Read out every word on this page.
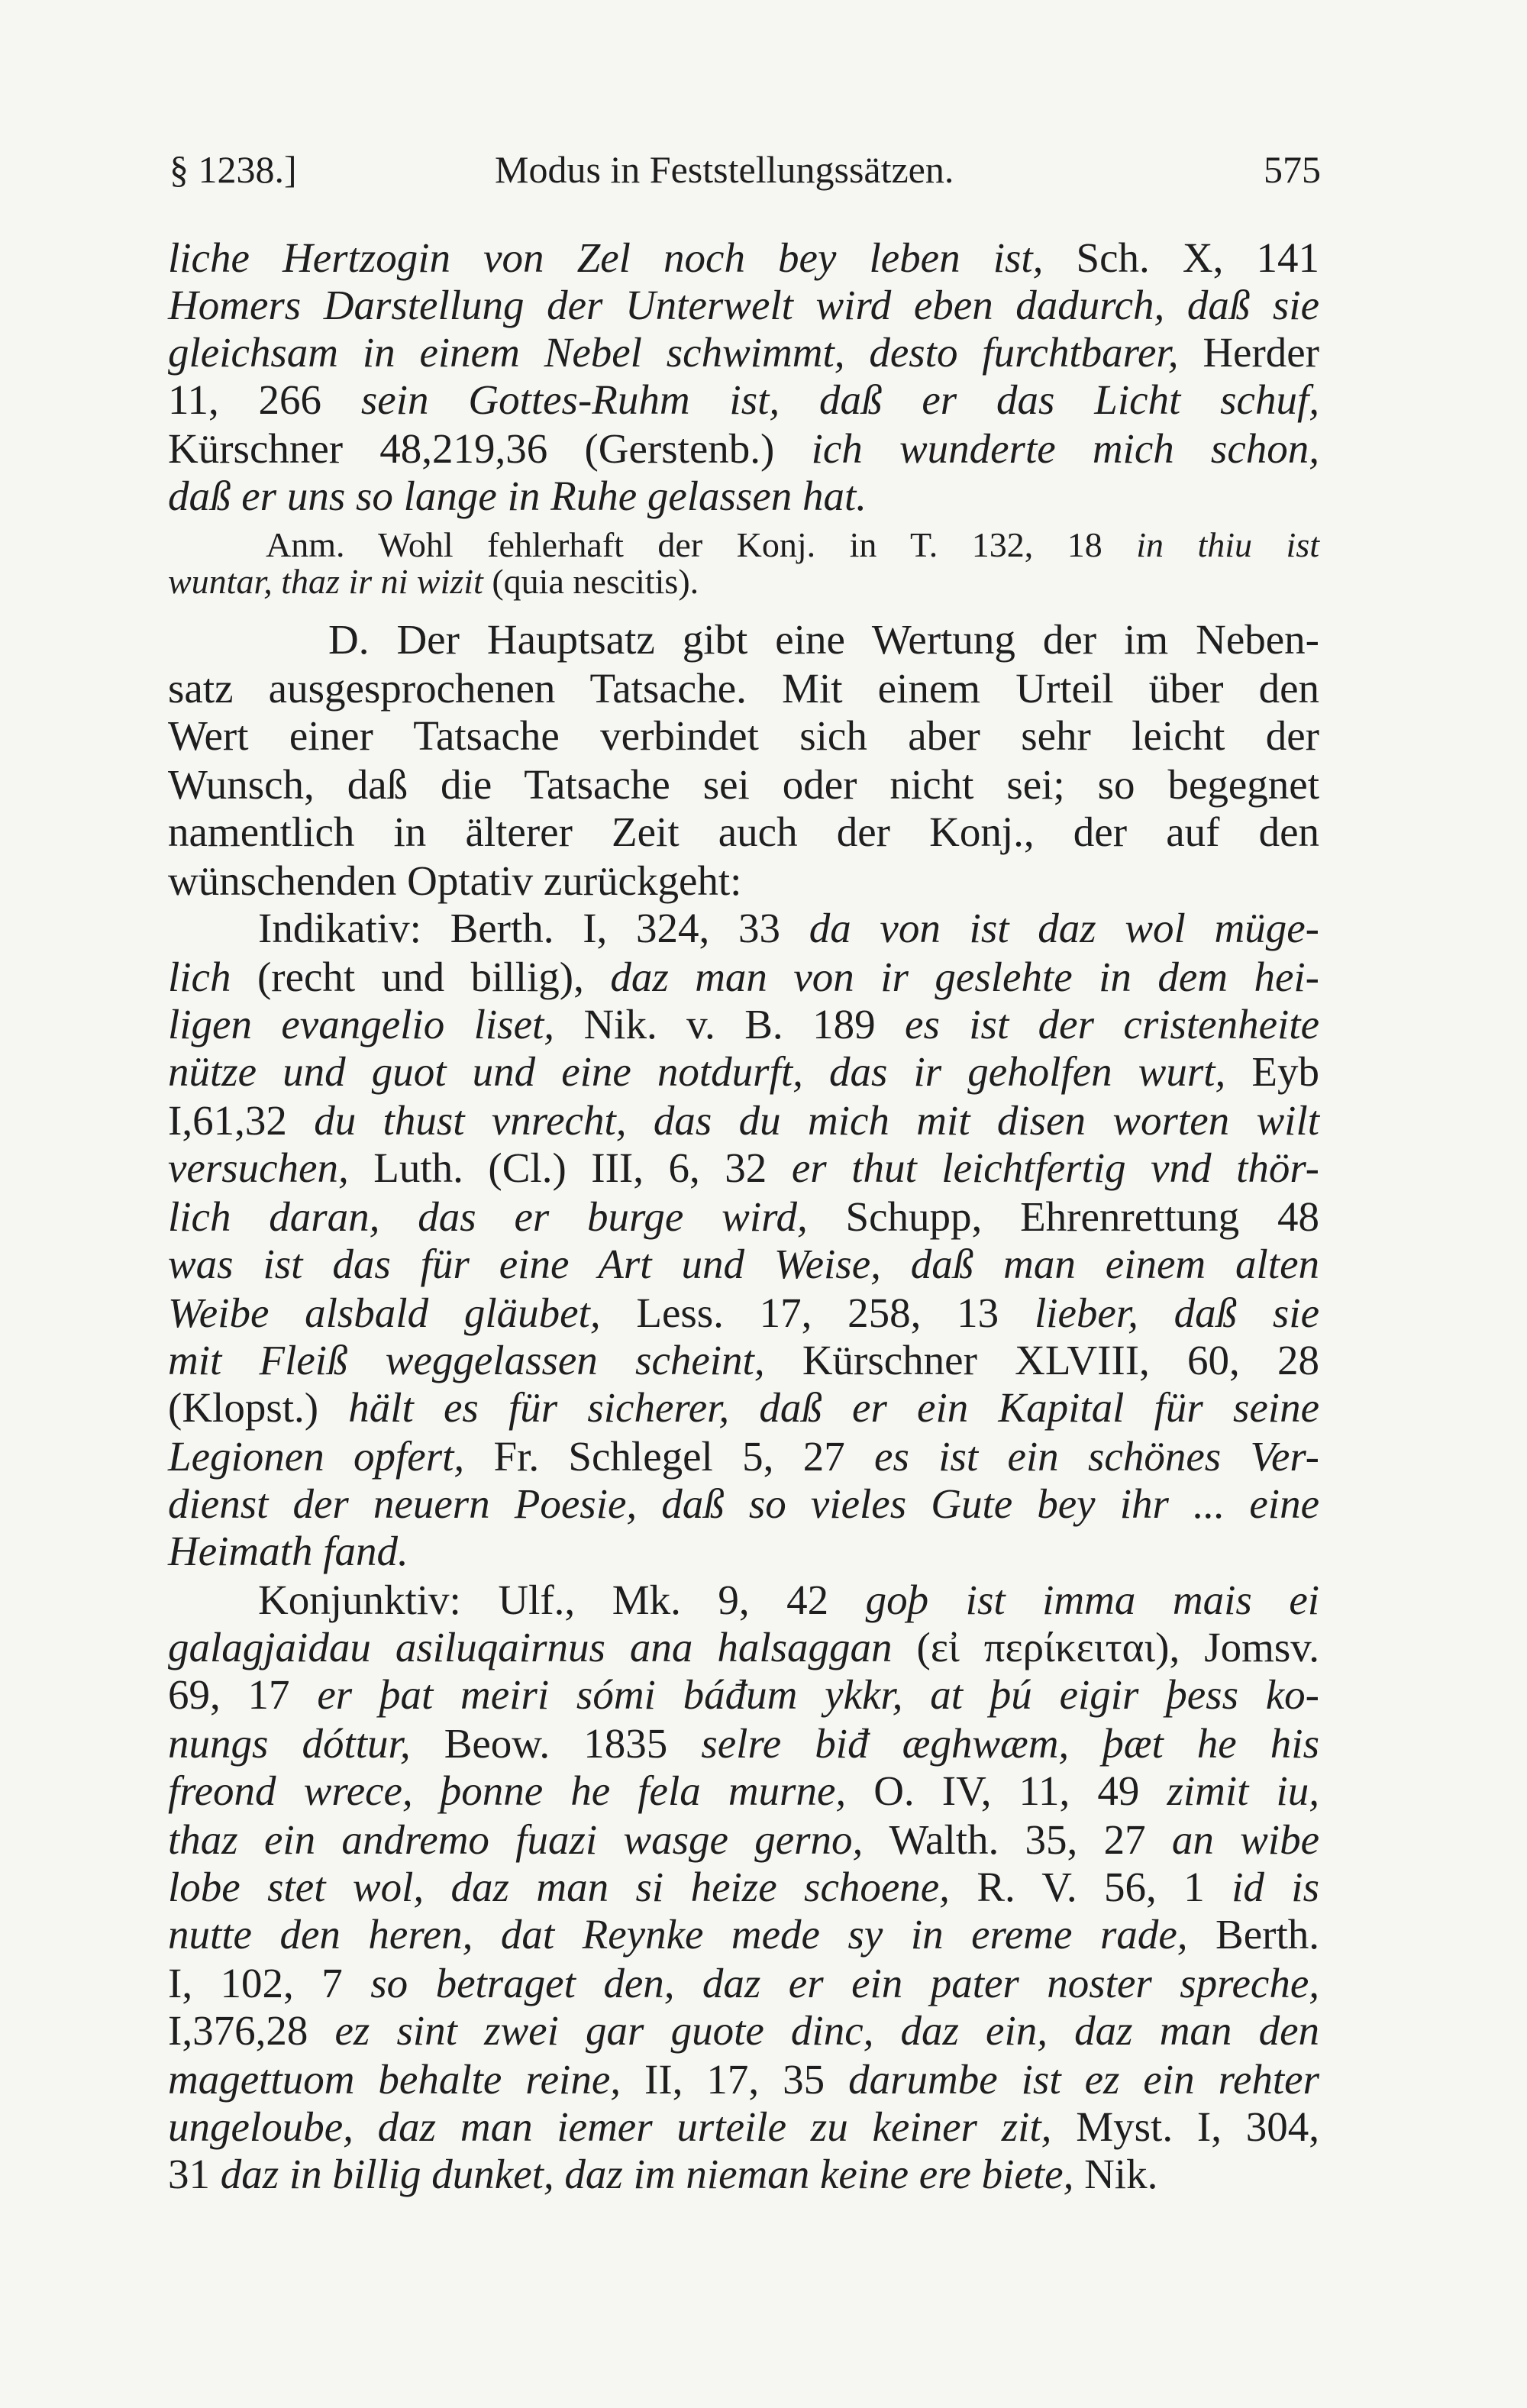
§ 1238.]	Modus in Feststellungssätzen.	575
liche Hertzogin von Zel noch bey leben ist, Sch. X, 141
Homers Darstellung der Unterwelt wird eben dadurch, daß sie
gleichsam in einem Nebel schwimmt, desto furchtbarer, Herder
11, 266 sein Gottes-Ruhm ist, daß er das Licht schuf,
Kürschner 48,219,36 (Gerstenb.) ich wunderte mich schon,
daß er uns so lange in Ruhe gelassen hat.
Anm. Wohl fehlerhaft der Konj. in T. 132, 18 in thiu ist
wuntar, thaz ir ni wizit (quia nescitis).
D. Der Hauptsatz gibt eine Wertung der im Neben-
satz ausgesprochenen Tatsache. Mit einem Urteil über den
Wert einer Tatsache verbindet sich aber sehr leicht der
Wunsch, daß die Tatsache sei oder nicht sei; so begegnet
namentlich in älterer Zeit auch der Konj., der auf den
wünschenden Optativ zurückgeht:
Indikativ: Berth. I, 324, 33 da von ist daz wol müge-
lich (recht und billig), daz man von ir geslehte in dem hei-
ligen evangelio liset, Nik. v. B. 189 es ist der cristenheite
nütze und guot und eine notdurft, das ir geholfen wurt, Eyb
I,61,32 du thust vnrecht, das du mich mit disen worten wilt
versuchen, Luth. (Cl.) III, 6, 32 er thut leichtfertig vnd thör-
lich daran, das er burge wird, Schupp, Ehrenrettung 48
was ist das für eine Art und Weise, daß man einem alten
Weibe alsbald gläubet, Less. 17, 258, 13 lieber, daß sie
mit Fleiß weggelassen scheint, Kürschner XLVIII, 60, 28
(Klopst.) hält es für sicherer, daß er ein Kapital für seine
Legionen opfert, Fr. Schlegel 5, 27 es ist ein schönes Ver-
dienst der neuern Poesie, daß so vieles Gute bey ihr ... eine
Heimath fand.
Konjunktiv: Ulf., Mk. 9, 42 goþ ist imma mais ei
galagjaidau asiluqairnus ana halsaggan (εἰ περίκειται), Jomsv.
69, 17 er þat meiri sómi báđum ykkr, at þú eigir þess ko-
nungs dóttur, Beow. 1835 selre biđ æghwæm, þæt he his
freond wrece, þonne he fela murne, O. IV, 11, 49 zimit iu,
thaz ein andremo fuazi wasge gerno, Walth. 35, 27 an wibe
lobe stet wol, daz man si heize schoene, R. V. 56, 1 id is
nutte den heren, dat Reynke mede sy in ereme rade, Berth.
I, 102, 7 so betraget den, daz er ein pater noster spreche,
I,376,28 ez sint zwei gar guote dinc, daz ein, daz man den
magettuom behalte reine, II, 17, 35 darumbe ist ez ein rehter
ungeloube, daz man iemer urteile zu keiner zit, Myst. I, 304,
31 daz in billig dunket, daz im nieman keine ere biete, Nik.
